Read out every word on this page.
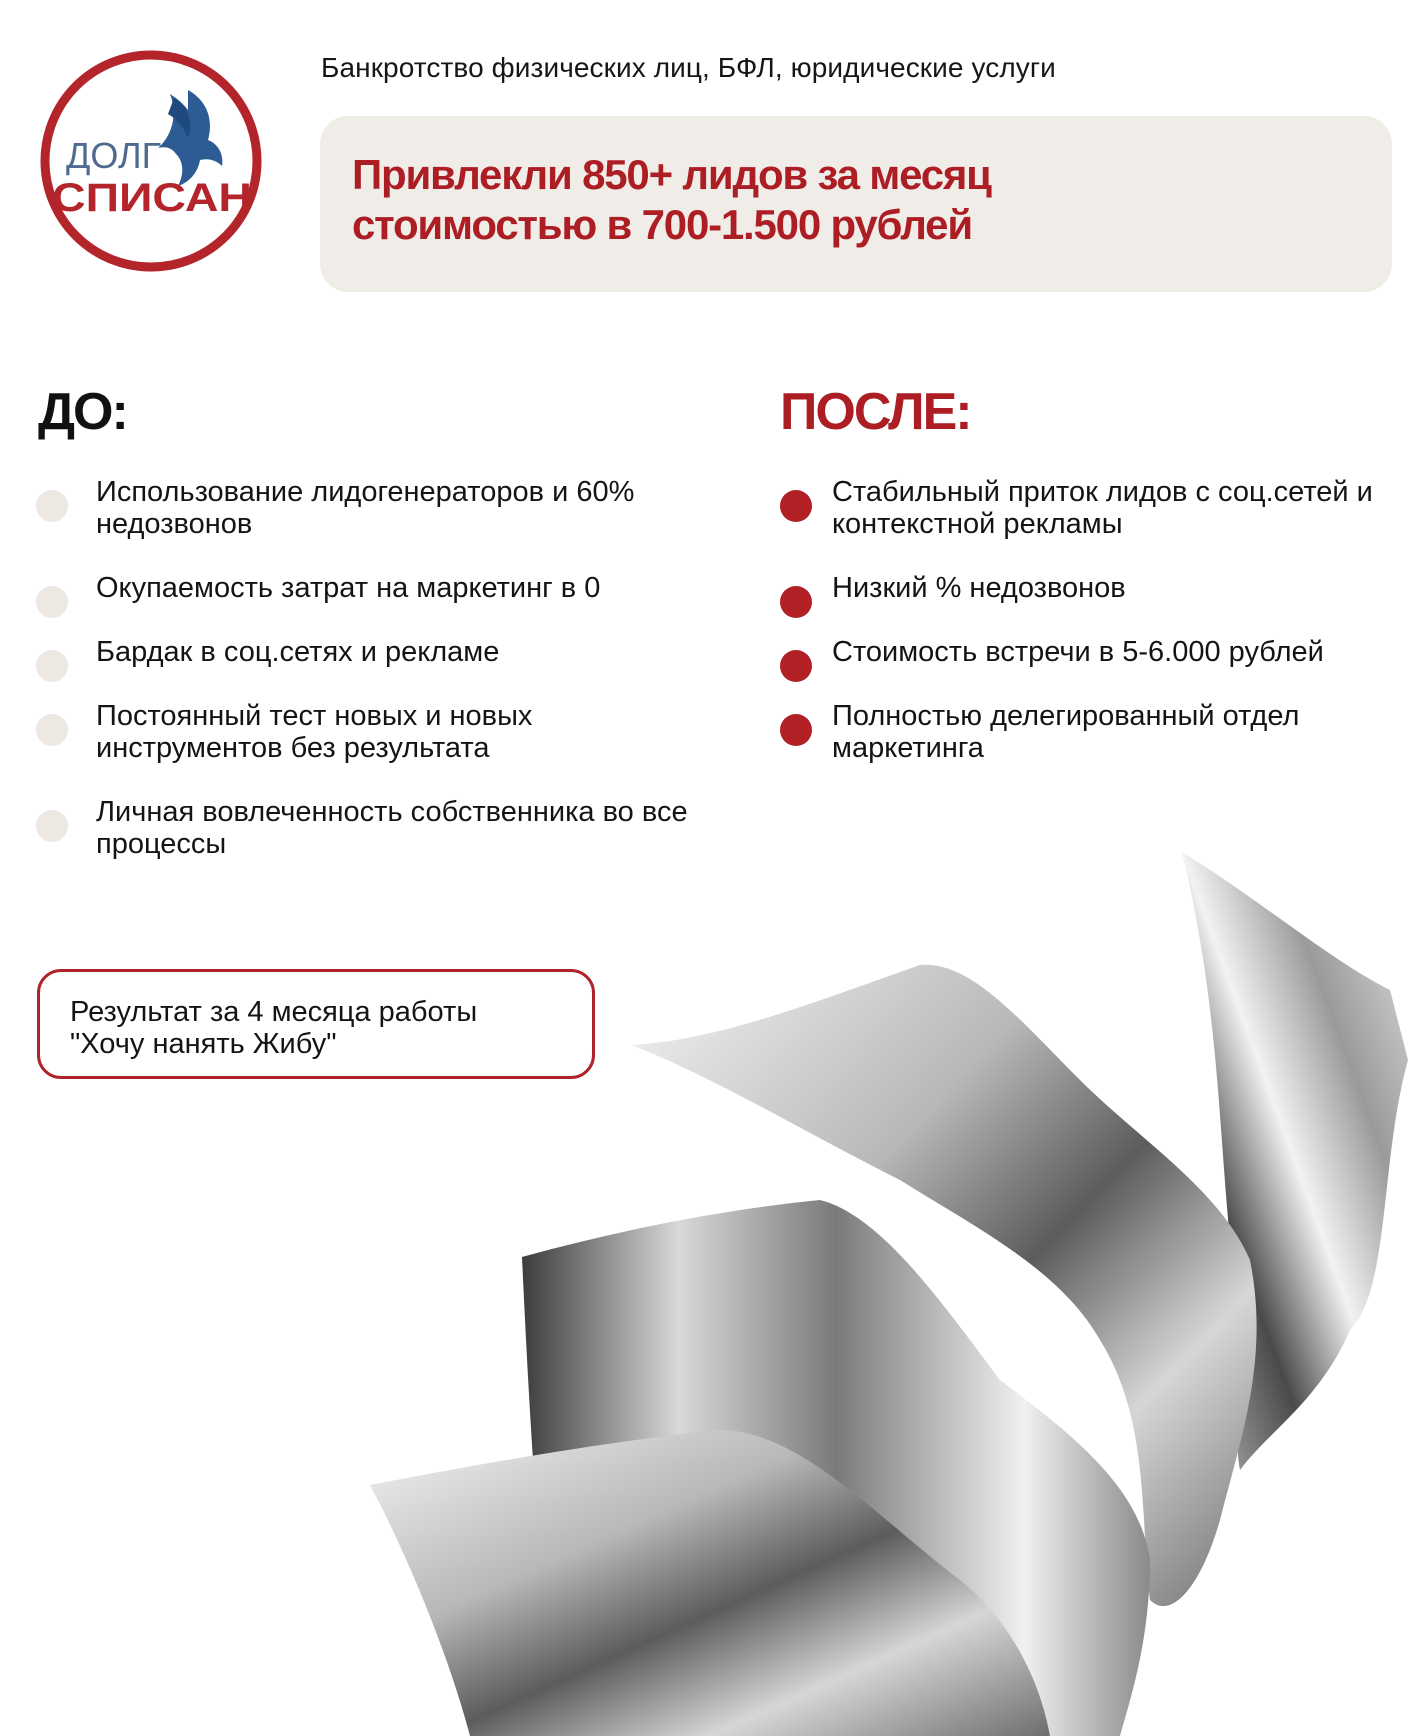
ДОЛГ
СПИСАН
Банкротство физических лиц, БФЛ, юридические услуги
Привлекли 850+ лидов за месяц стоимостью в 700-1.500 рублей
ДО:
Использование лидогенераторов и 60% недозвонов
Окупаемость затрат на маркетинг в 0
Бардак в соц.сетях и рекламе
Постоянный тест новых и новых инструментов без результата
Личная вовлеченность собственника во все процессы
ПОСЛЕ:
Стабильный приток лидов с соц.сетей и контекстной рекламы
Низкий % недозвонов
Стоимость встречи в 5-6.000 рублей
Полностью делегированный отдел маркетинга
Результат за 4 месяца работы
"Хочу нанять Жибу"
